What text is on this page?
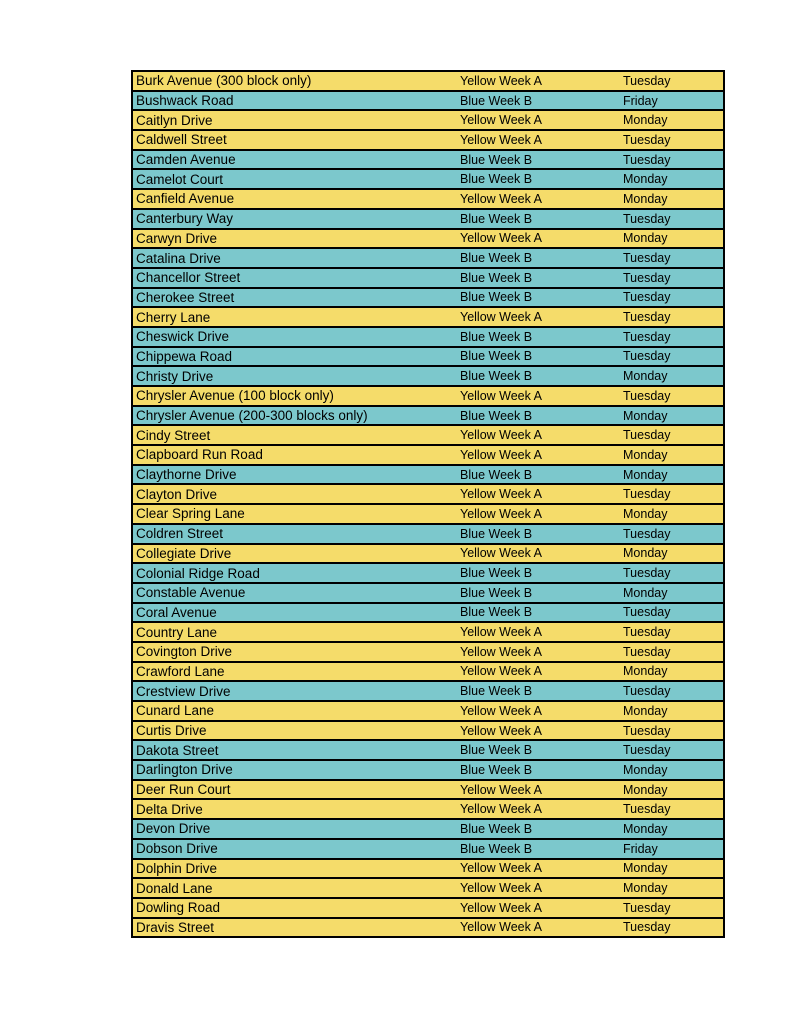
Burk Avenue (300 block only)	Yellow Week A	Tuesday
Bushwack Road	Blue Week B	Friday
Caitlyn Drive	Yellow Week A	Monday
Caldwell Street	Yellow Week A	Tuesday
Camden Avenue	Blue Week B	Tuesday
Camelot Court	Blue Week B	Monday
Canfield Avenue	Yellow Week A	Monday
Canterbury Way	Blue Week B	Tuesday
Carwyn Drive	Yellow Week A	Monday
Catalina Drive	Blue Week B	Tuesday
Chancellor Street	Blue Week B	Tuesday
Cherokee Street	Blue Week B	Tuesday
Cherry Lane	Yellow Week A	Tuesday
Cheswick Drive	Blue Week B	Tuesday
Chippewa Road	Blue Week B	Tuesday
Christy Drive	Blue Week B	Monday
Chrysler Avenue (100 block only)	Yellow Week A	Tuesday
Chrysler Avenue (200-300 blocks only)	Blue Week B	Monday
Cindy Street	Yellow Week A	Tuesday
Clapboard Run Road	Yellow Week A	Monday
Claythorne Drive	Blue Week B	Monday
Clayton Drive	Yellow Week A	Tuesday
Clear Spring Lane	Yellow Week A	Monday
Coldren Street	Blue Week B	Tuesday
Collegiate Drive	Yellow Week A	Monday
Colonial Ridge Road	Blue Week B	Tuesday
Constable Avenue	Blue Week B	Monday
Coral Avenue	Blue Week B	Tuesday
Country Lane	Yellow Week A	Tuesday
Covington Drive	Yellow Week A	Tuesday
Crawford Lane	Yellow Week A	Monday
Crestview Drive	Blue Week B	Tuesday
Cunard Lane	Yellow Week A	Monday
Curtis Drive	Yellow Week A	Tuesday
Dakota Street	Blue Week B	Tuesday
Darlington Drive	Blue Week B	Monday
Deer Run Court	Yellow Week A	Monday
Delta Drive	Yellow Week A	Tuesday
Devon Drive	Blue Week B	Monday
Dobson Drive	Blue Week B	Friday
Dolphin Drive	Yellow Week A	Monday
Donald Lane	Yellow Week A	Monday
Dowling Road	Yellow Week A	Tuesday
Dravis Street	Yellow Week A	Tuesday
